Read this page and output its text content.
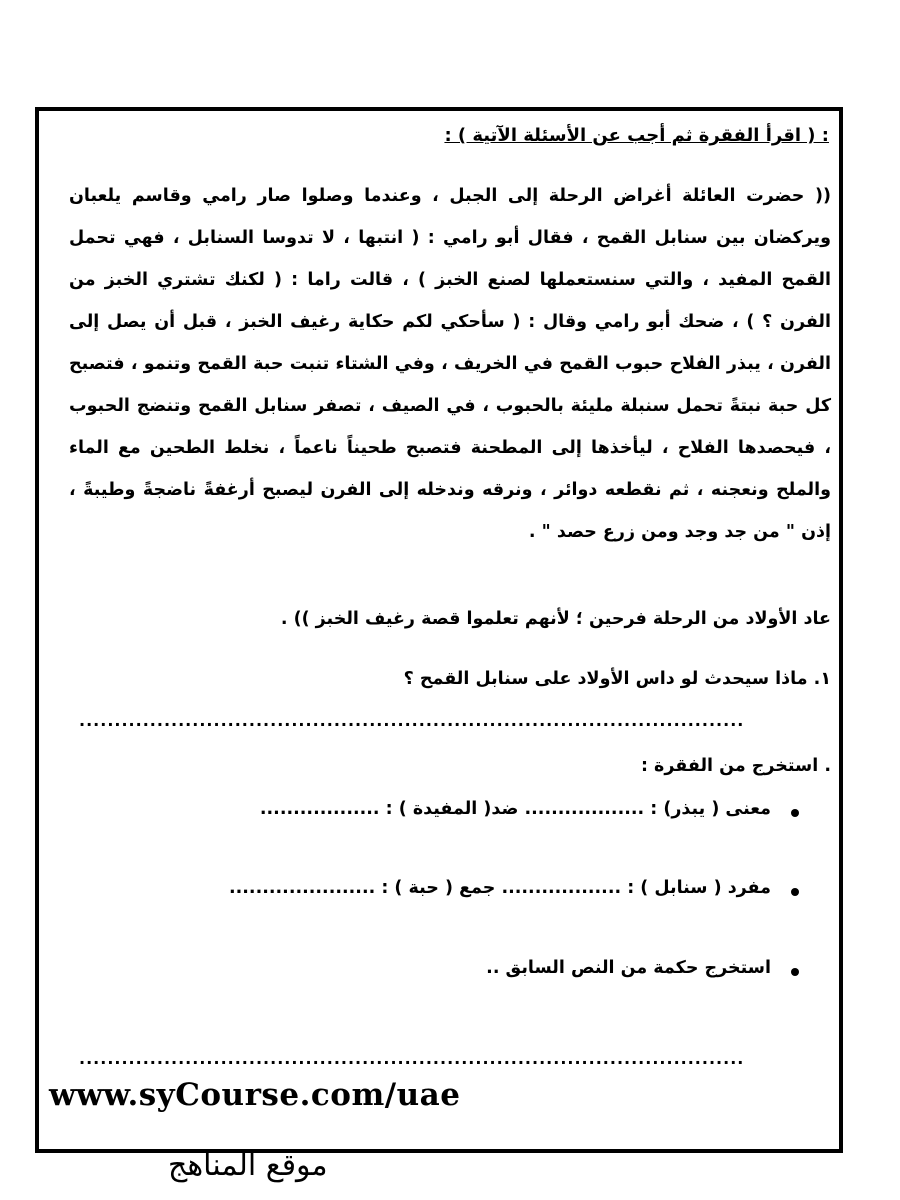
: ( اقرأ الفقرة ثم أجب عن الأسئلة الآتية ) :
(( حضرت العائلة أغراض الرحلة إلى الجبل ، وعندما وصلوا صار رامي وقاسم يلعبان ويركضان بين سنابل القمح ، فقال أبو رامي : ( انتبها ، لا تدوسا السنابل ، فهي تحمل القمح المفيد ، والتي سنستعملها لصنع الخبز ) ، قالت راما : ( لكنك تشتري الخبز من الفرن ؟ ) ، ضحك أبو رامي وقال : ( سأحكي لكم حكاية رغيف الخبز ، قبل أن يصل إلى الفرن ، يبذر الفلاح حبوب القمح في الخريف ، وفي الشتاء تنبت حبة القمح وتنمو ، فتصبح كل حبة نبتةً تحمل سنبلة مليئة بالحبوب ، في الصيف ، تصفر سنابل القمح وتنضج الحبوب ، فيحصدها الفلاح ، ليأخذها إلى المطحنة فتصبح طحيناً ناعماً ، نخلط الطحين مع الماء والملح ونعجنه ، ثم نقطعه دوائر ، ونرقه وندخله إلى الفرن ليصبح أرغفةً ناضجةً وطيبةً ، إذن " من جد وجد ومن زرع حصد " .
عاد الأولاد من الرحلة فرحين ؛ لأنهم تعلموا قصة رغيف الخبز )) .
١. ماذا سيحدث لو داس الأولاد على سنابل القمح ؟
..............................................................................................
. استخرج من الفقرة :
معنى ( يبذر) : .................. ضد( المفيدة ) : ..................
مفرد ( سنابل ) : .................. جمع ( حبة ) : ......................
استخرج حكمة من النص السابق ..
..............................................................................................
www.syCourse.com/uae
موقع المناهج
